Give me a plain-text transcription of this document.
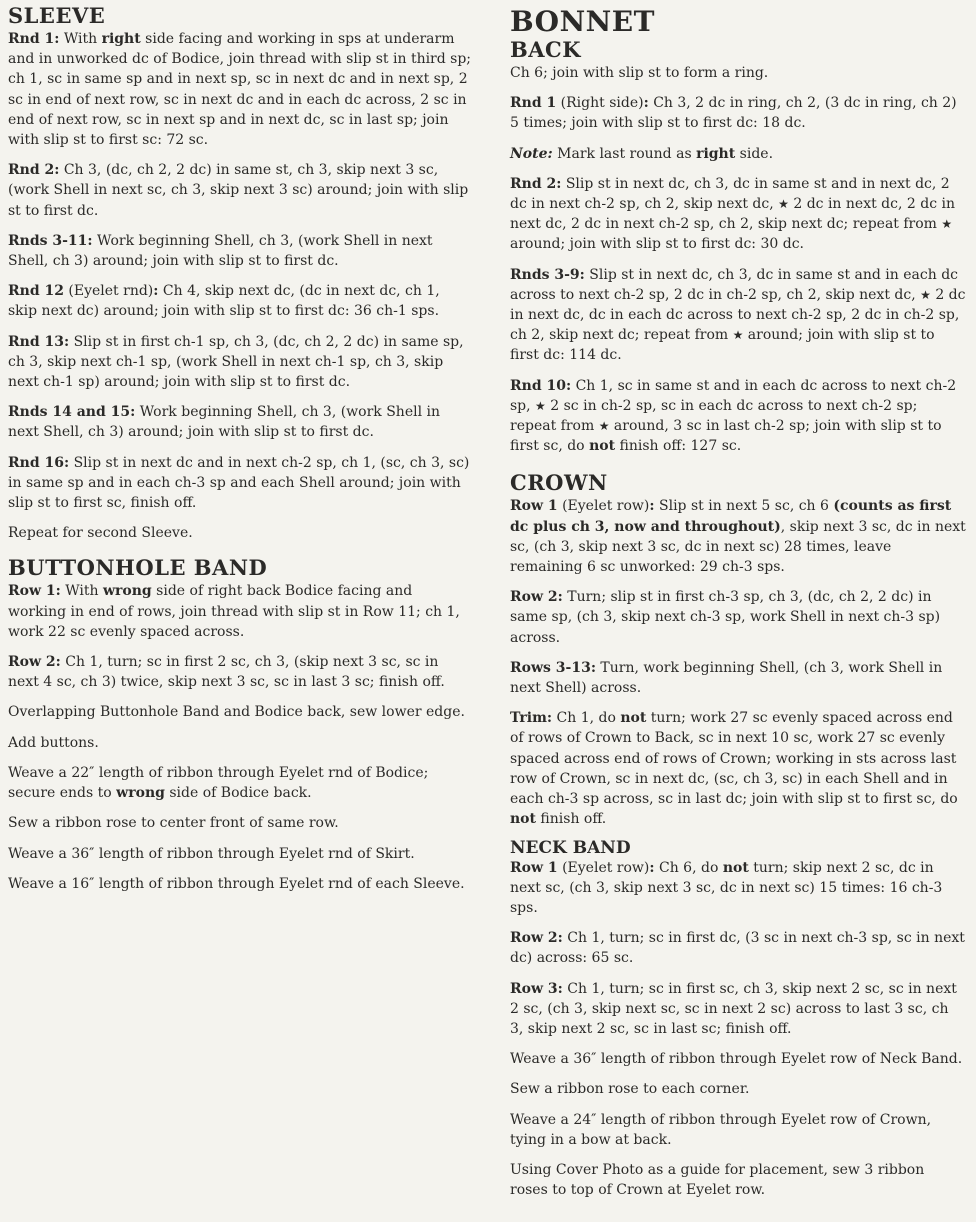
SLEEVE

Rnd 1: With right side facing and working in sps at underarm and in unworked dc of Bodice, join thread with slip st in third sp; ch 1, sc in same sp and in next sp, sc in next dc and in next sp, 2 sc in end of next row, sc in next dc and in each dc across, 2 sc in end of next row, sc in next sp and in next dc, sc in last sp; join with slip st to first sc: 72 sc.

Rnd 2: Ch 3, (dc, ch 2, 2 dc) in same st, ch 3, skip next 3 sc, (work Shell in next sc, ch 3, skip next 3 sc) around; join with slip st to first dc.

Rnds 3-11: Work beginning Shell, ch 3, (work Shell in next Shell, ch 3) around; join with slip st to first dc.

Rnd 12 (Eyelet rnd): Ch 4, skip next dc, (dc in next dc, ch 1, skip next dc) around; join with slip st to first dc: 36 ch-1 sps.

Rnd 13: Slip st in first ch-1 sp, ch 3, (dc, ch 2, 2 dc) in same sp, ch 3, skip next ch-1 sp, (work Shell in next ch-1 sp, ch 3, skip next ch-1 sp) around; join with slip st to first dc.

Rnds 14 and 15: Work beginning Shell, ch 3, (work Shell in next Shell, ch 3) around; join with slip st to first dc.

Rnd 16: Slip st in next dc and in next ch-2 sp, ch 1, (sc, ch 3, sc) in same sp and in each ch-3 sp and each Shell around; join with slip st to first sc, finish off.

Repeat for second Sleeve.

BUTTONHOLE BAND

Row 1: With wrong side of right back Bodice facing and working in end of rows, join thread with slip st in Row 11; ch 1, work 22 sc evenly spaced across.

Row 2: Ch 1, turn; sc in first 2 sc, ch 3, (skip next 3 sc, sc in next 4 sc, ch 3) twice, skip next 3 sc, sc in last 3 sc; finish off.

Overlapping Buttonhole Band and Bodice back, sew lower edge.

Add buttons.

Weave a 22″ length of ribbon through Eyelet rnd of Bodice; secure ends to wrong side of Bodice back.

Sew a ribbon rose to center front of same row.

Weave a 36″ length of ribbon through Eyelet rnd of Skirt.

Weave a 16″ length of ribbon through Eyelet rnd of each Sleeve.

BONNET
BACK

Ch 6; join with slip st to form a ring.

Rnd 1 (Right side): Ch 3, 2 dc in ring, ch 2, (3 dc in ring, ch 2) 5 times; join with slip st to first dc: 18 dc.

Note: Mark last round as right side.

Rnd 2: Slip st in next dc, ch 3, dc in same st and in next dc, 2 dc in next ch-2 sp, ch 2, skip next dc, ★ 2 dc in next dc, 2 dc in next dc, 2 dc in next ch-2 sp, ch 2, skip next dc; repeat from ★ around; join with slip st to first dc: 30 dc.

Rnds 3-9: Slip st in next dc, ch 3, dc in same st and in each dc across to next ch-2 sp, 2 dc in ch-2 sp, ch 2, skip next dc, ★ 2 dc in next dc, dc in each dc across to next ch-2 sp, 2 dc in ch-2 sp, ch 2, skip next dc; repeat from ★ around; join with slip st to first dc: 114 dc.

Rnd 10: Ch 1, sc in same st and in each dc across to next ch-2 sp, ★ 2 sc in ch-2 sp, sc in each dc across to next ch-2 sp; repeat from ★ around, 3 sc in last ch-2 sp; join with slip st to first sc, do not finish off: 127 sc.

CROWN

Row 1 (Eyelet row): Slip st in next 5 sc, ch 6 (counts as first dc plus ch 3, now and throughout), skip next 3 sc, dc in next sc, (ch 3, skip next 3 sc, dc in next sc) 28 times, leave remaining 6 sc unworked: 29 ch-3 sps.

Row 2: Turn; slip st in first ch-3 sp, ch 3, (dc, ch 2, 2 dc) in same sp, (ch 3, skip next ch-3 sp, work Shell in next ch-3 sp) across.

Rows 3-13: Turn, work beginning Shell, (ch 3, work Shell in next Shell) across.

Trim: Ch 1, do not turn; work 27 sc evenly spaced across end of rows of Crown to Back, sc in next 10 sc, work 27 sc evenly spaced across end of rows of Crown; working in sts across last row of Crown, sc in next dc, (sc, ch 3, sc) in each Shell and in each ch-3 sp across, sc in last dc; join with slip st to first sc, do not finish off.

NECK BAND

Row 1 (Eyelet row): Ch 6, do not turn; skip next 2 sc, dc in next sc, (ch 3, skip next 3 sc, dc in next sc) 15 times: 16 ch-3 sps.

Row 2: Ch 1, turn; sc in first dc, (3 sc in next ch-3 sp, sc in next dc) across: 65 sc.

Row 3: Ch 1, turn; sc in first sc, ch 3, skip next 2 sc, sc in next 2 sc, (ch 3, skip next sc, sc in next 2 sc) across to last 3 sc, ch 3, skip next 2 sc, sc in last sc; finish off.

Weave a 36″ length of ribbon through Eyelet row of Neck Band.

Sew a ribbon rose to each corner.

Weave a 24″ length of ribbon through Eyelet row of Crown, tying in a bow at back.

Using Cover Photo as a guide for placement, sew 3 ribbon roses to top of Crown at Eyelet row.
